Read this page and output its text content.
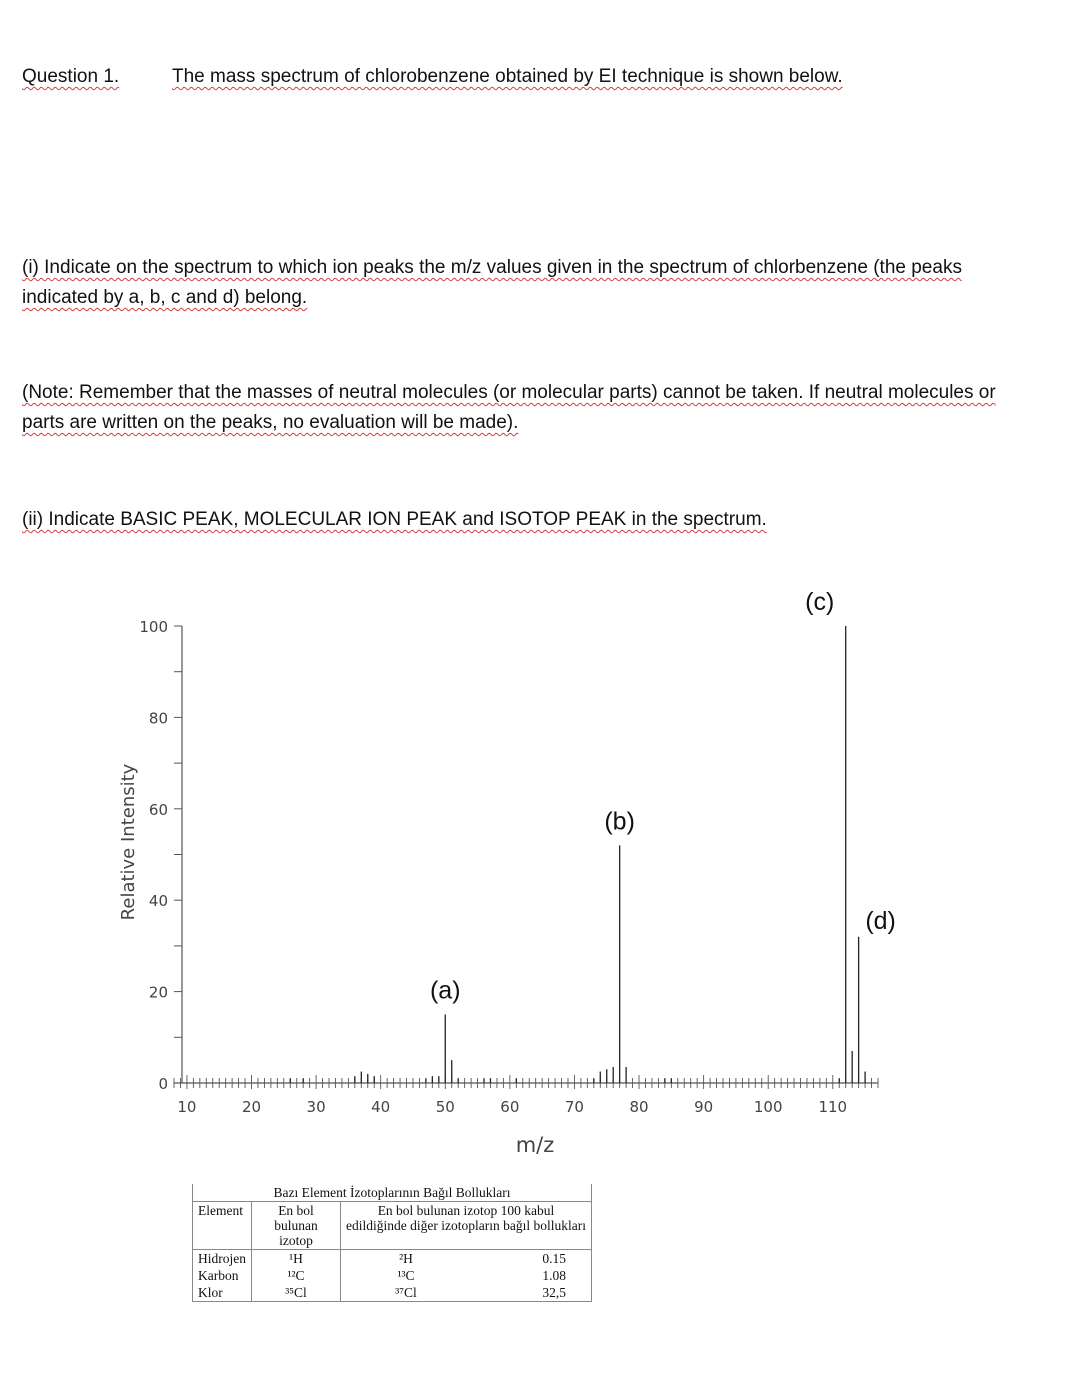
Question 1.	The mass spectrum of chlorobenzene obtained by EI technique is shown below.
(i) Indicate on the spectrum to which ion peaks the m/z values given in the spectrum of chlorbenzene (the peaks indicated by a, b, c and d) belong.
(Note: Remember that the masses of neutral molecules (or molecular parts) cannot be taken. If neutral molecules or parts are written on the peaks, no evaluation will be made).
(ii) Indicate BASIC PEAK, MOLECULAR ION PEAK and ISOTOP PEAK in the spectrum.
0
20
40
60
80
100
10	20	30	40	50	60	70	80	90	100 110
(a)
(b)
(c)
(d)
m/z
Relative Intensity
Bazı Element İzotoplarının Bağıl Bollukları		
Element	En bol bulunan izotop	En bol bulunan izotop 100 kabul edildiğinde diğer izotopların bağıl bollukları
Hidrojen	¹H	²H 0.15
Karbon	¹²C	¹³C 1.08
Klor	³⁵Cl	³⁷Cl 32,5
